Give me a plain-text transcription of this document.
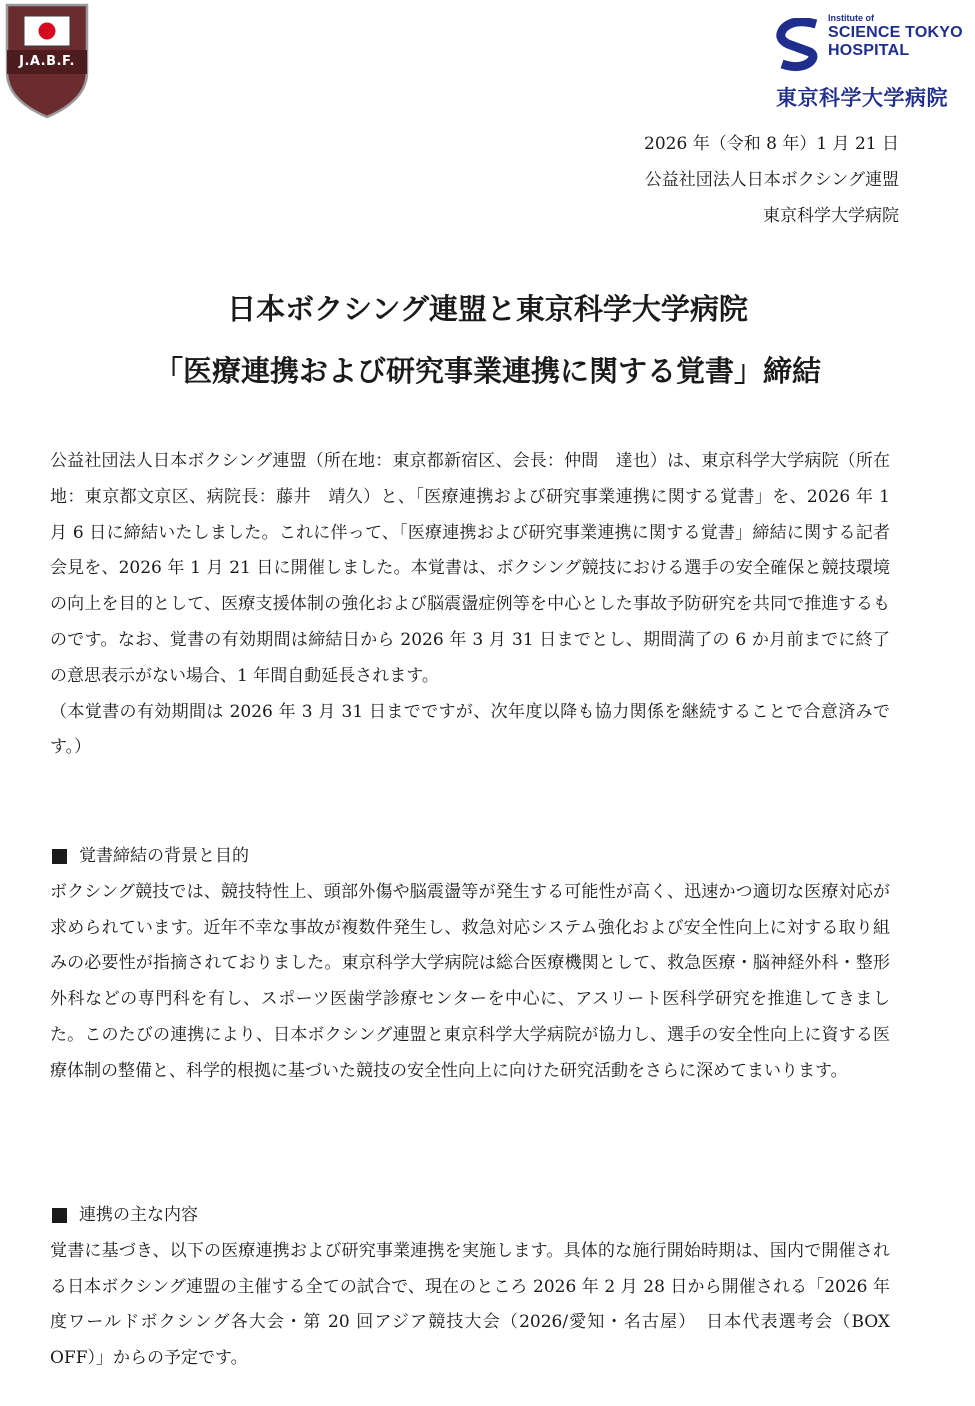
J.A.B.F.
Institute of
SCIENCE TOKYO
HOSPITAL
東京科学大学病院
2026 年（令和 8 年）1 月 21 日
公益社団法人日本ボクシング連盟
東京科学大学病院
日本ボクシング連盟と東京科学大学病院
「医療連携および研究事業連携に関する覚書」締結

公益社団法人日本ボクシング連盟（所在地：東京都新宿区、会長：仲間　達也）は、東京科学大学病院（所在地：東京都文京区、病院長：藤井　靖久）と、「医療連携および研究事業連携に関する覚書」を、2026 年 1 月 6 日に締結いたしました。これに伴って、「医療連携および研究事業連携に関する覚書」締結に関する記者会見を、2026 年 1 月 21 日に開催しました。本覚書は、ボクシング競技における選手の安全確保と競技環境の向上を目的として、医療支援体制の強化および脳震盪症例等を中心とした事故予防研究を共同で推進するものです。なお、覚書の有効期間は締結日から 2026 年 3 月 31 日までとし、期間満了の 6 か月前までに終了の意思表示がない場合、1 年間自動延長されます。

（本覚書の有効期間は 2026 年 3 月 31 日までですが、次年度以降も協力関係を継続することで合意済みです。）

覚書締結の背景と目的

ボクシング競技では、競技特性上、頭部外傷や脳震盪等が発生する可能性が高く、迅速かつ適切な医療対応が求められています。近年不幸な事故が複数件発生し、救急対応システム強化および安全性向上に対する取り組みの必要性が指摘されておりました。東京科学大学病院は総合医療機関として、救急医療・脳神経外科・整形外科などの専門科を有し、スポーツ医歯学診療センターを中心に、アスリート医科学研究を推進してきました。このたびの連携により、日本ボクシング連盟と東京科学大学病院が協力し、選手の安全性向上に資する医療体制の整備と、科学的根拠に基づいた競技の安全性向上に向けた研究活動をさらに深めてまいります。

連携の主な内容

覚書に基づき、以下の医療連携および研究事業連携を実施します。具体的な施行開始時期は、国内で開催される日本ボクシング連盟の主催する全ての試合で、現在のところ 2026 年 2 月 28 日から開催される「2026 年度ワールドボクシング各大会・第 20 回アジア競技大会（2026/愛知・名古屋）　日本代表選考会（BOX OFF）」からの予定です。
